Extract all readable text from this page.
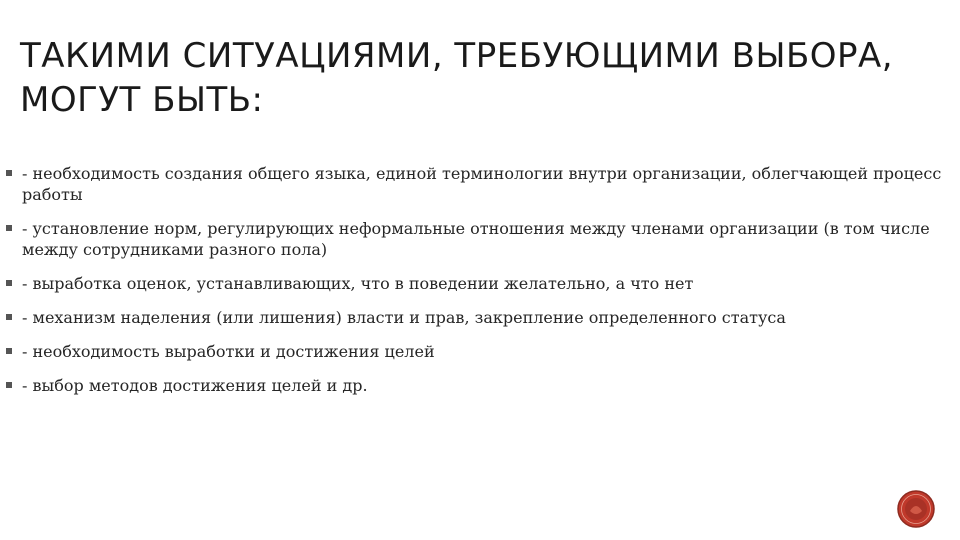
ТАКИМИ СИТУАЦИЯМИ, ТРЕБУЮЩИМИ ВЫБОРА,
МОГУТ БЫТЬ:
- необходимость создания общего языка, единой терминологии внутри организации, облегчающей процесс работы
- установление норм, регулирующих неформальные отношения между членами организации (в том числе между сотрудниками разного пола)
- выработка оценок, устанавливающих, что в поведении желательно, а что нет
- механизм наделения (или лишения) власти и прав, закрепление определенного статуса
- необходимость выработки и достижения целей
- выбор методов достижения целей и др.
